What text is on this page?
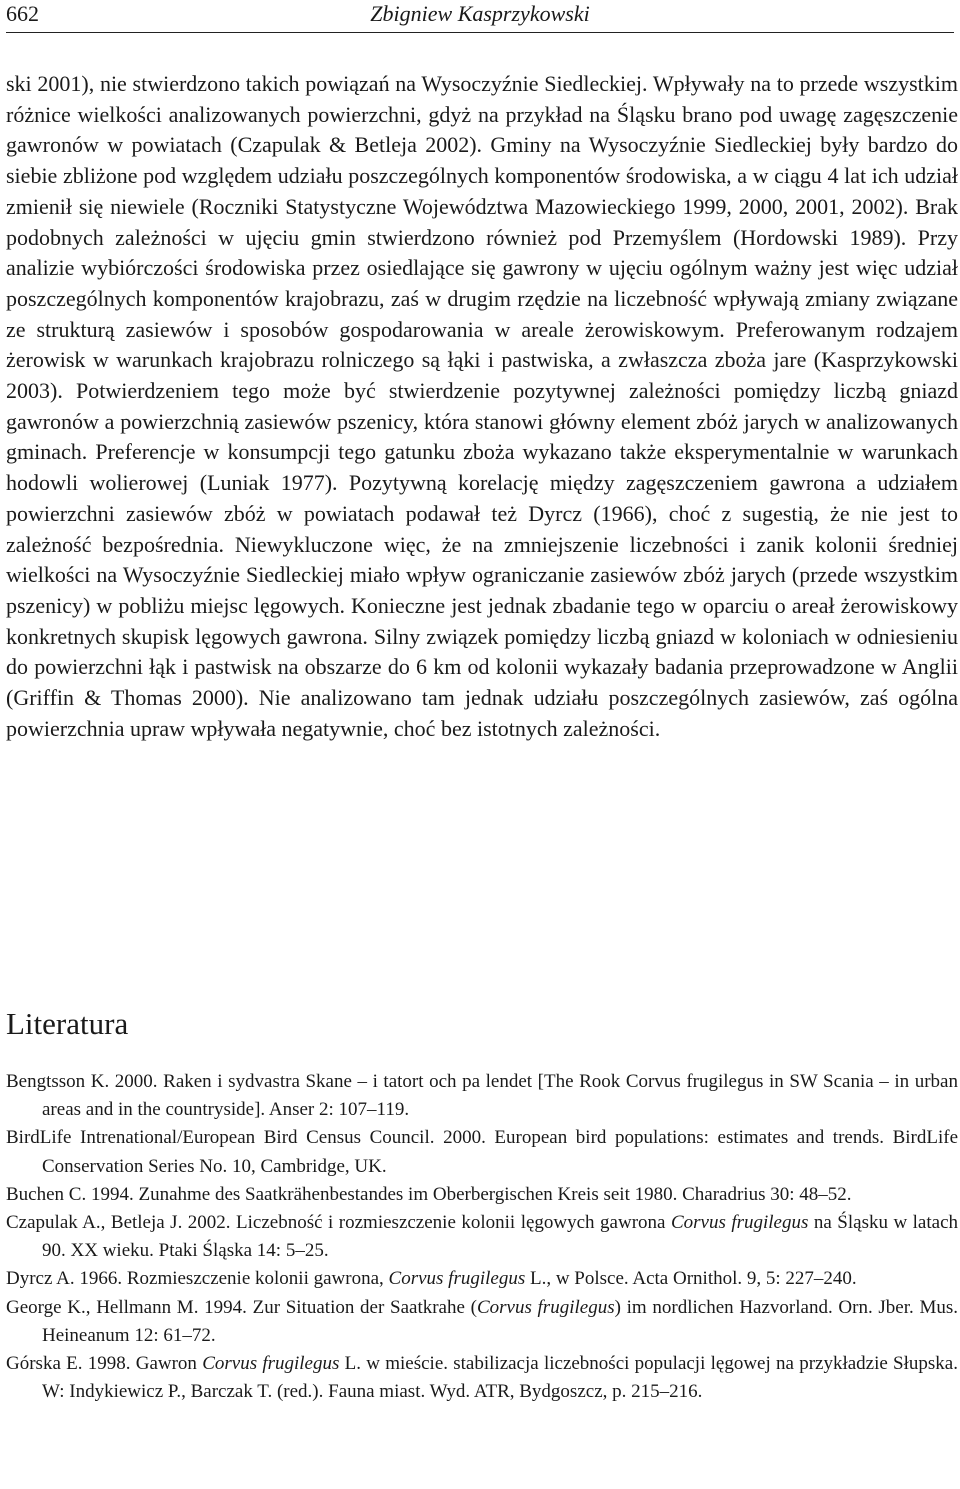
662	Zbigniew Kasprzykowski

ski 2001), nie stwierdzono takich powiązań na Wysoczyźnie Siedleckiej. Wpływały na to przede wszystkim różnice wielkości analizowanych powierzchni, gdyż na przykład na Śląsku brano pod uwagę zagęszczenie gawronów w powiatach (Czapulak & Betleja 2002). Gminy na Wysoczyźnie Siedleckiej były bardzo do siebie zbliżone pod względem udziału poszczególnych komponentów środowiska, a w ciągu 4 lat ich udział zmienił się niewiele (Roczniki Statystyczne Województwa Mazowieckiego 1999, 2000, 2001, 2002). Brak podobnych zależności w ujęciu gmin stwierdzono również pod Przemyślem (Hordowski 1989). Przy analizie wybiórczości środowiska przez osiedlające się gawrony w ujęciu ogólnym ważny jest więc udział poszczególnych komponentów krajobrazu, zaś w drugim rzędzie na liczebność wpływają zmiany związane ze strukturą zasiewów i sposobów gospodarowania w areale żerowiskowym. Preferowanym rodzajem żerowisk w warunkach krajobrazu rolniczego są łąki i pastwiska, a zwłaszcza zboża jare (Kasprzykowski 2003). Potwierdzeniem tego może być stwierdzenie pozytywnej zależności pomiędzy liczbą gniazd gawronów a powierzchnią zasiewów pszenicy, która stanowi główny element zbóż jarych w analizowanych gminach. Preferencje w konsumpcji tego gatunku zboża wykazano także eksperymentalnie w warunkach hodowli wolierowej (Luniak 1977). Pozytywną korelację między zagęszczeniem gawrona a udziałem powierzchni zasiewów zbóż w powiatach podawał też Dyrcz (1966), choć z sugestią, że nie jest to zależność bezpośrednia. Niewykluczone więc, że na zmniejszenie liczebności i zanik kolonii średniej wielkości na Wysoczyźnie Siedleckiej miało wpływ ograniczanie zasiewów zbóż jarych (przede wszystkim pszenicy) w pobliżu miejsc lęgowych. Konieczne jest jednak zbadanie tego w oparciu o areał żerowiskowy konkretnych skupisk lęgowych gawrona. Silny związek pomiędzy liczbą gniazd w koloniach w odniesieniu do powierzchni łąk i pastwisk na obszarze do 6 km od kolonii wykazały badania przeprowadzone w Anglii (Griffin & Thomas 2000). Nie analizowano tam jednak udziału poszczególnych zasiewów, zaś ogólna powierzchnia upraw wpływała negatywnie, choć bez istotnych zależności.

Literatura
Bengtsson K. 2000. Raken i sydvastra Skane – i tatort och pa lendet [The Rook Corvus frugilegus in SW Scania – in urban areas and in the countryside]. Anser 2: 107–119.
BirdLife Intrenational/European Bird Census Council. 2000. European bird populations: estimates and trends. BirdLife Conservation Series No. 10, Cambridge, UK.
Buchen C. 1994. Zunahme des Saatkrähenbestandes im Oberbergischen Kreis seit 1980. Charadrius 30: 48–52.
Czapulak A., Betleja J. 2002. Liczebność i rozmieszczenie kolonii lęgowych gawrona Corvus frugilegus na Śląsku w latach 90. XX wieku. Ptaki Śląska 14: 5–25.
Dyrcz A. 1966. Rozmieszczenie kolonii gawrona, Corvus frugilegus L., w Polsce. Acta Ornithol. 9, 5: 227–240.
George K., Hellmann M. 1994. Zur Situation der Saatkrahe (Corvus frugilegus) im nordlichen Hazvorland. Orn. Jber. Mus. Heineanum 12: 61–72.
Górska E. 1998. Gawron Corvus frugilegus L. w mieście. stabilizacja liczebności populacji lęgowej na przykładzie Słupska. W: Indykiewicz P., Barczak T. (red.). Fauna miast. Wyd. ATR, Bydgoszcz, p. 215–216.
